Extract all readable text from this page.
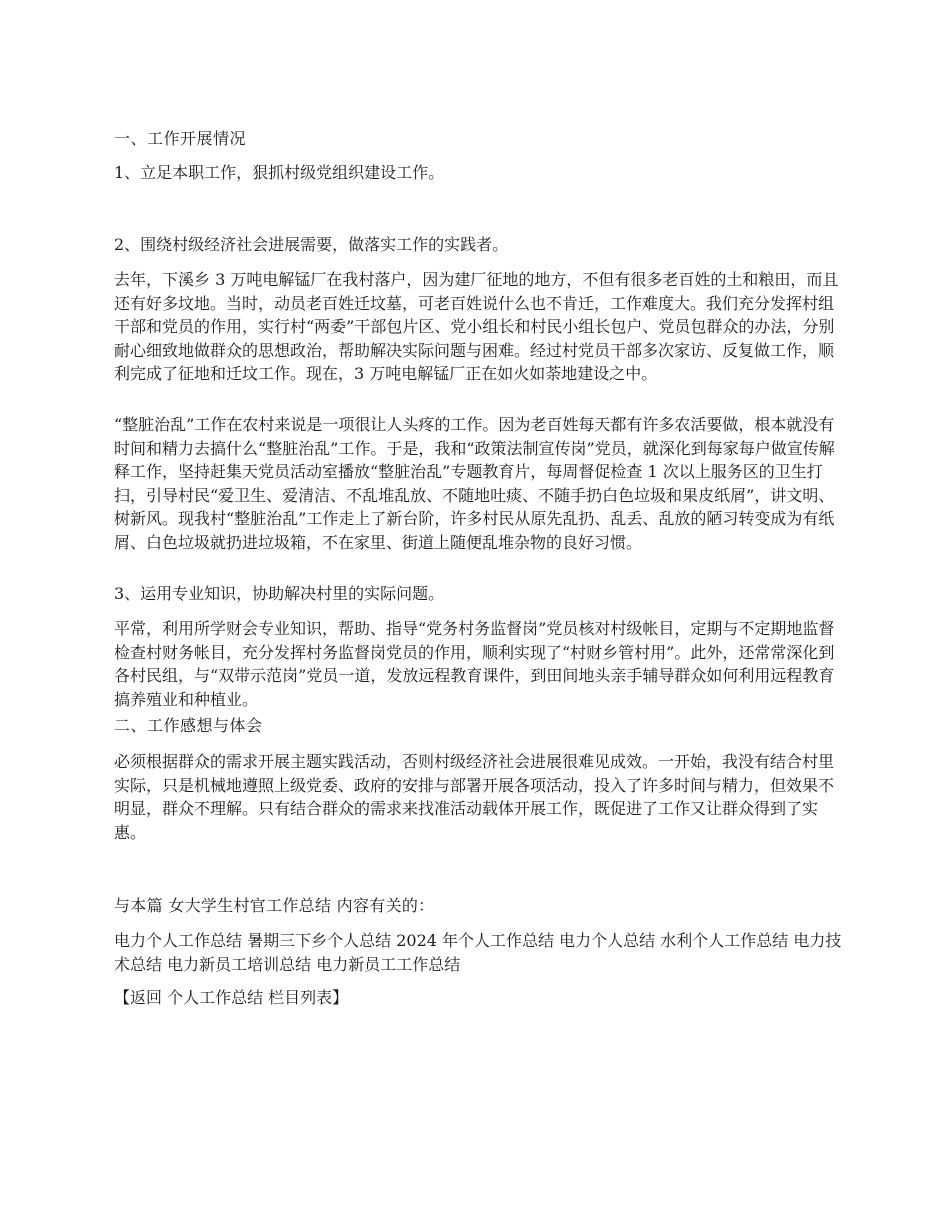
一、工作开展情况

1、立足本职工作，狠抓村级党组织建设工作。

2、围绕村级经济社会进展需要，做落实工作的实践者。

去年，下溪乡 3 万吨电解锰厂在我村落户，因为建厂征地的地方，不但有很多老百姓的土和粮田，而且还有好多坟地。当时，动员老百姓迁坟墓，可老百姓说什么也不肯迁，工作难度大。我们充分发挥村组干部和党员的作用，实行村“两委”干部包片区、党小组长和村民小组长包户、党员包群众的办法，分别耐心细致地做群众的思想政治，帮助解决实际问题与困难。经过村党员干部多次家访、反复做工作，顺利完成了征地和迁坟工作。现在，3 万吨电解锰厂正在如火如荼地建设之中。

“整脏治乱”工作在农村来说是一项很让人头疼的工作。因为老百姓每天都有许多农活要做，根本就没有时间和精力去搞什么“整脏治乱”工作。于是，我和“政策法制宣传岗”党员，就深化到每家每户做宣传解释工作，坚持赶集天党员活动室播放“整脏治乱”专题教育片，每周督促检查 1 次以上服务区的卫生打扫，引导村民“爱卫生、爱清洁、不乱堆乱放、不随地吐痰、不随手扔白色垃圾和果皮纸屑”，讲文明、树新风。现我村“整脏治乱”工作走上了新台阶，许多村民从原先乱扔、乱丢、乱放的陋习转变成为有纸屑、白色垃圾就扔进垃圾箱，不在家里、街道上随便乱堆杂物的良好习惯。

3、运用专业知识，协助解决村里的实际问题。

平常，利用所学财会专业知识，帮助、指导“党务村务监督岗”党员核对村级帐目，定期与不定期地监督检查村财务帐目，充分发挥村务监督岗党员的作用，顺利实现了“村财乡管村用”。此外，还常常深化到各村民组，与“双带示范岗”党员一道，发放远程教育课件，到田间地头亲手辅导群众如何利用远程教育搞养殖业和种植业。

二、工作感想与体会

必须根据群众的需求开展主题实践活动，否则村级经济社会进展很难见成效。一开始，我没有结合村里实际，只是机械地遵照上级党委、政府的安排与部署开展各项活动，投入了许多时间与精力，但效果不明显，群众不理解。只有结合群众的需求来找准活动载体开展工作，既促进了工作又让群众得到了实惠。

与本篇 女大学生村官工作总结 内容有关的：

电力个人工作总结 暑期三下乡个人总结 2024 年个人工作总结 电力个人总结 水利个人工作总结 电力技术总结 电力新员工培训总结 电力新员工工作总结

【返回 个人工作总结 栏目列表】
